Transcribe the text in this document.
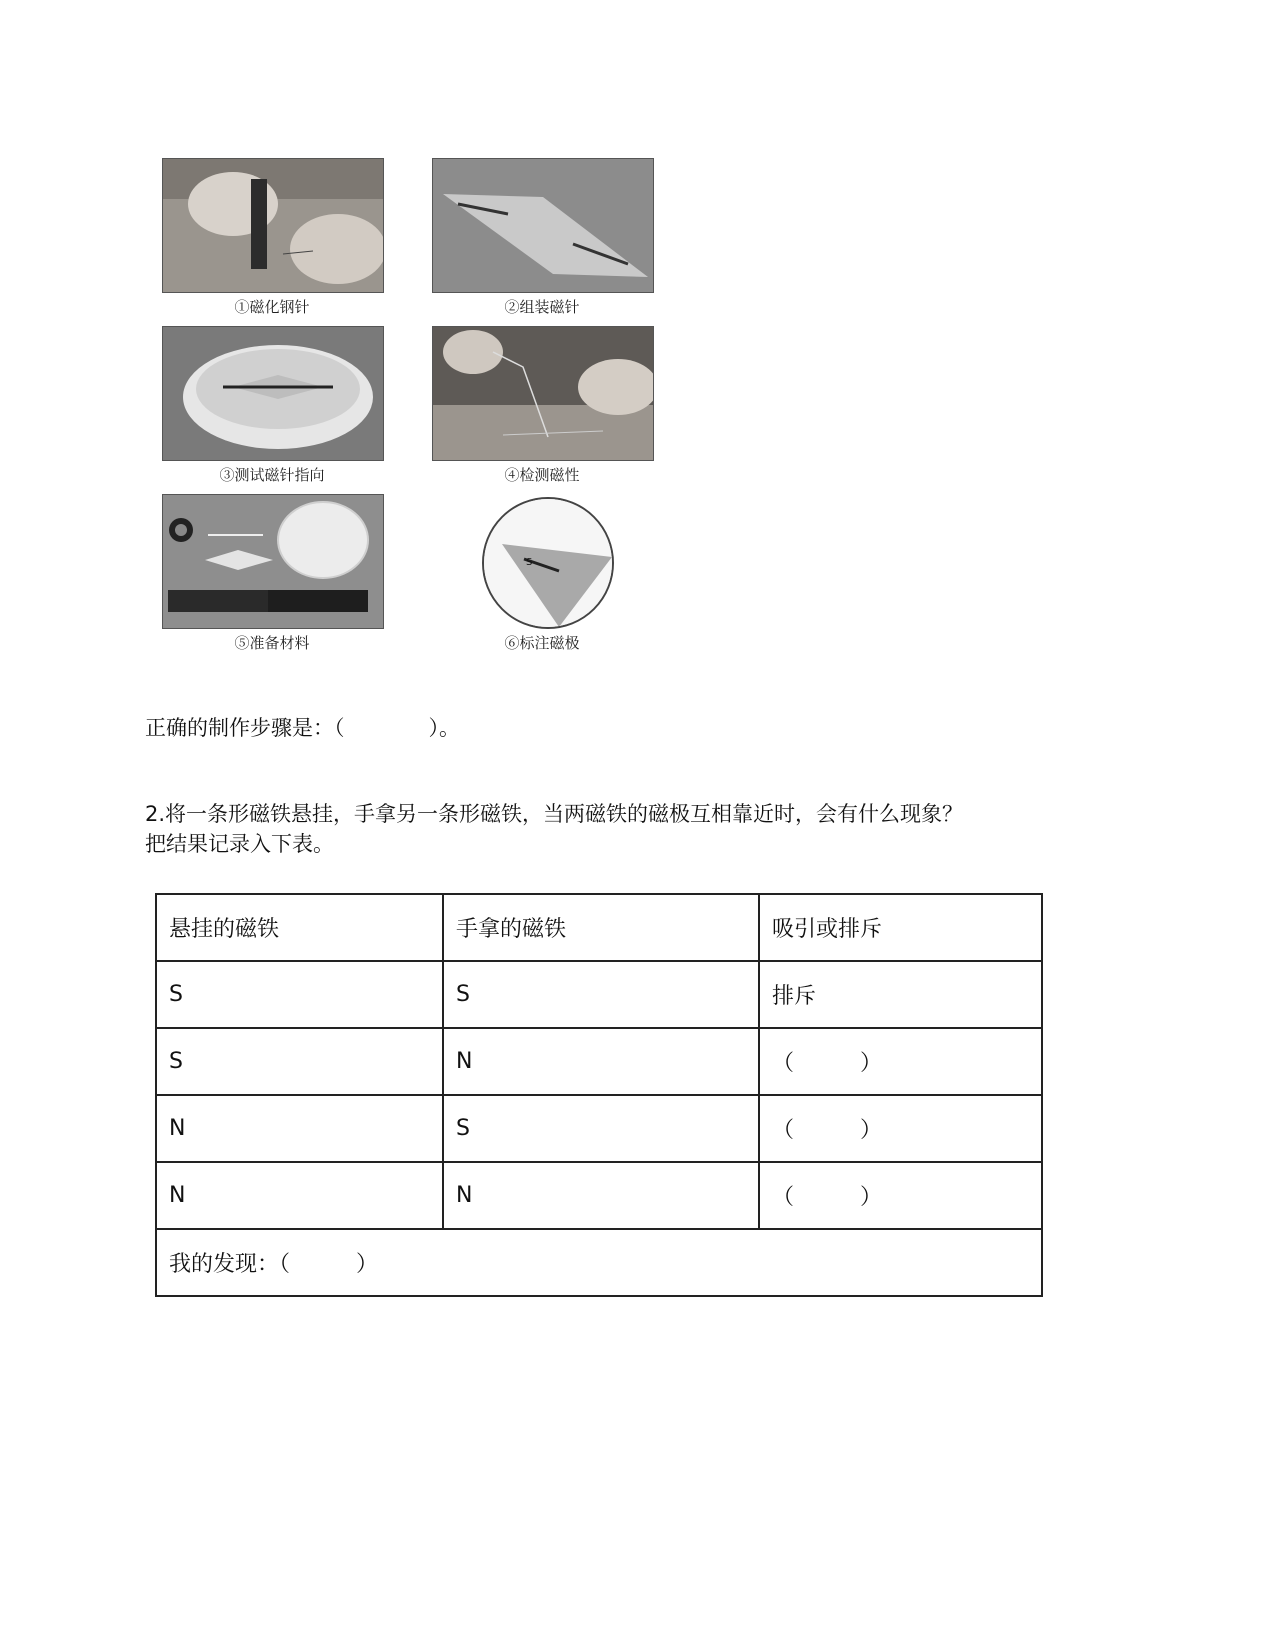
①磁化钢针	②组装磁针
③测试磁针指向	④检测磁性
⑤准备材料
S
⑥标注磁极
正确的制作步骤是：（　　　　）。
2.将一条形磁铁悬挂，手拿另一条形磁铁，当两磁铁的磁极互相靠近时，会有什么现象？
把结果记录入下表。
悬挂的磁铁	手拿的磁铁	吸引或排斥
S	S	排斥
S	N	（　　　）
N	S	（　　　）
N	N	（　　　）
我的发现：（　　　）		
